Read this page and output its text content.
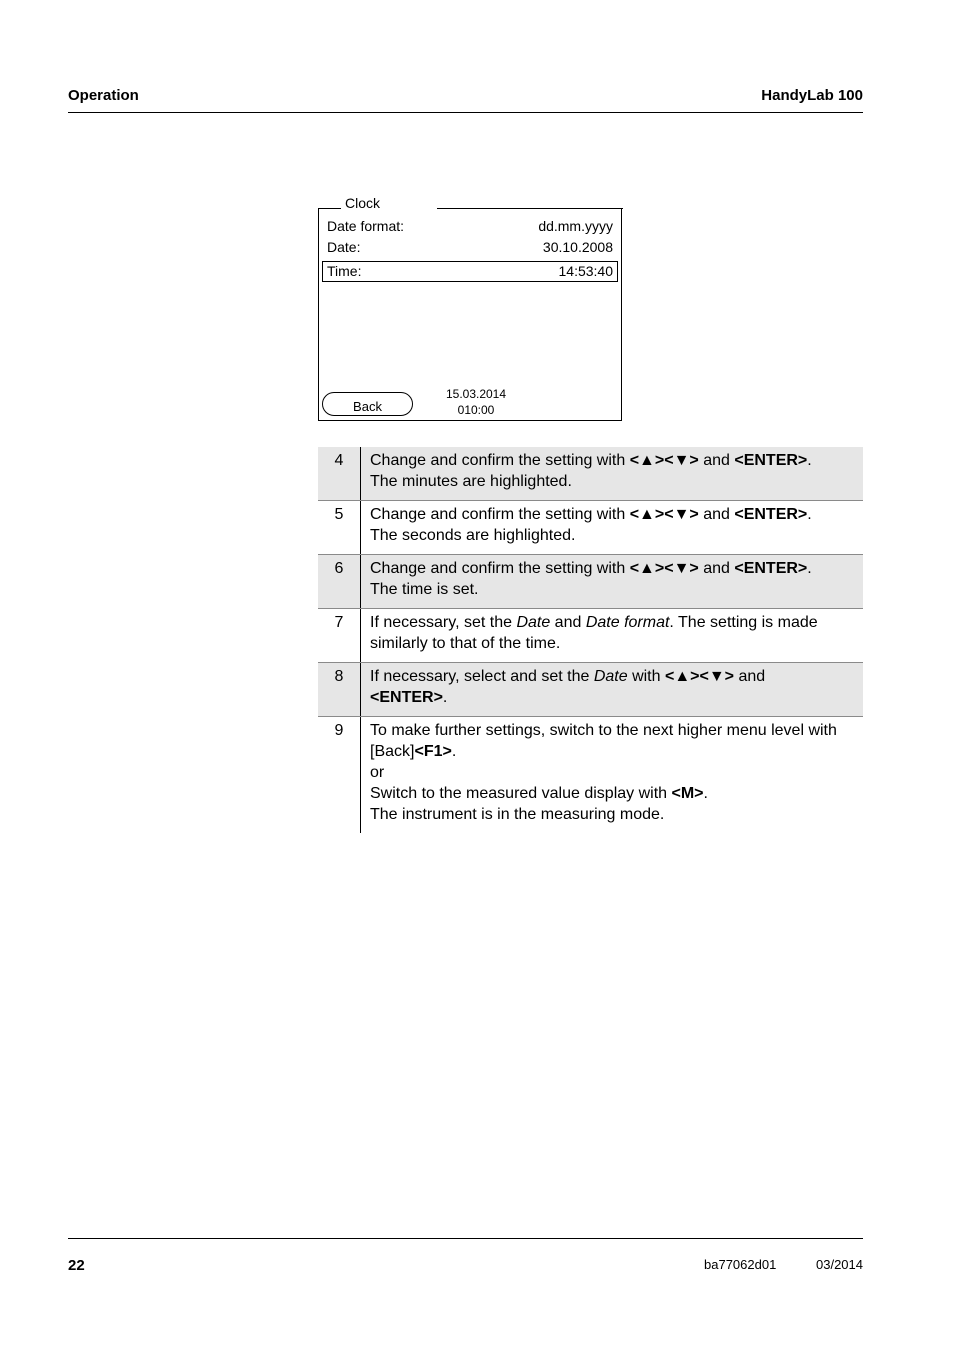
Operation	HandyLab 100
Clock
Date format:	dd.mm.yyyy
Date:	30.10.2008
Time:	14:53:40
Back
15.03.2014
010:00
4	Change and confirm the setting with <▲><▼> and <ENTER>.
The minutes are highlighted.
5	Change and confirm the setting with <▲><▼> and <ENTER>.
The seconds are highlighted.
6	Change and confirm the setting with <▲><▼> and <ENTER>.
The time is set.
7	If necessary, set the Date and Date format. The setting is made similarly to that of the time.
8	If necessary, select and set the Date with <▲><▼> and
<ENTER>.
9	To make further settings, switch to the next higher menu level with [Back]<F1>.
or
Switch to the measured value display with <M>.
The instrument is in the measuring mode.
22	ba77062d01	03/2014
